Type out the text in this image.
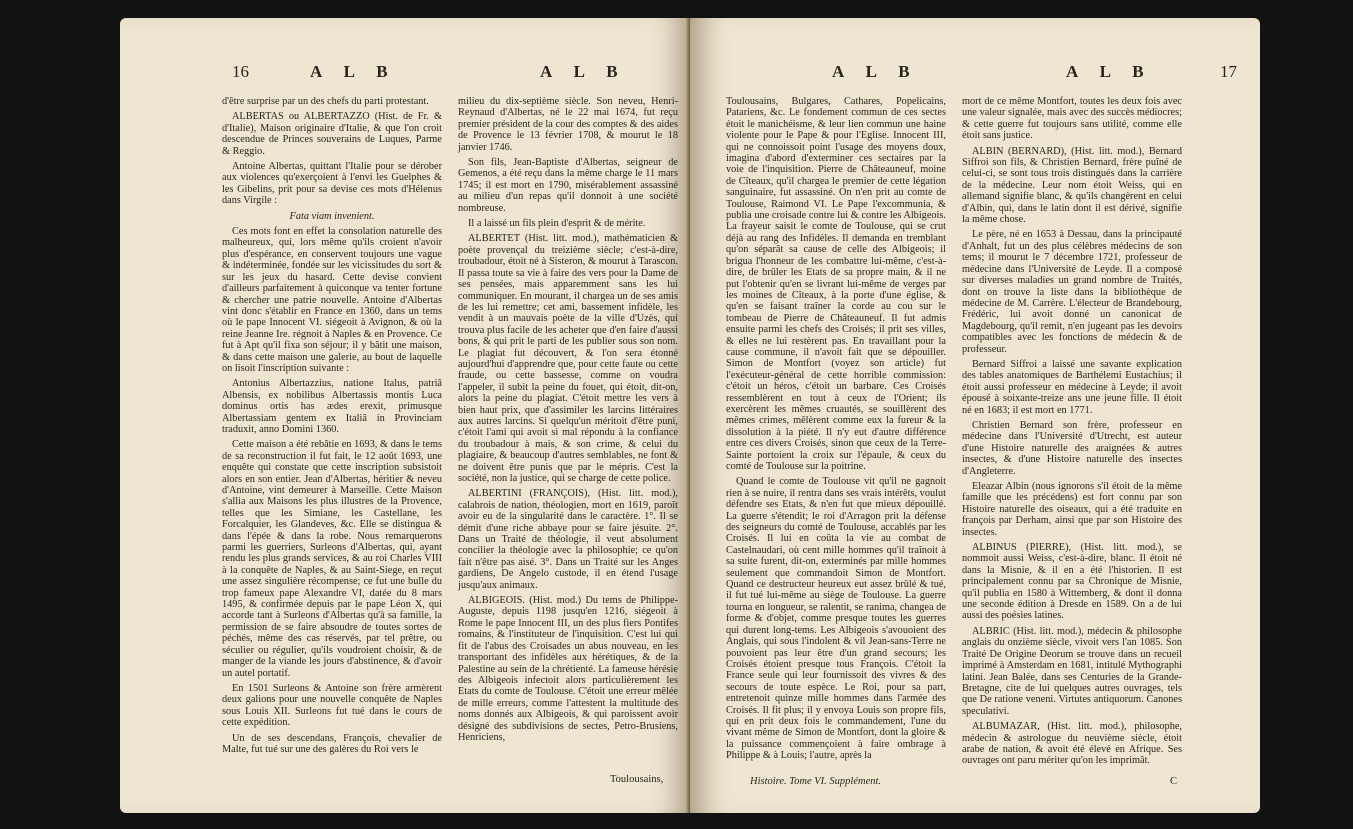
16	A L B	A L B

d'être surprise par un des chefs du parti protestant.

ALBERTAS ou ALBERTAZZO (Hist. de Fr. & d'Italie), Maison originaire d'Italie, & que l'on croit descendue de Princes souverains de Luques, Parme & Reggio.

Antoine Albertas, quittant l'Italie pour se dérober aux violences qu'exerçoient à l'envi les Guelphes & les Gibelins, prit pour sa devise ces mots d'Hélenus dans Virgile :

Fata viam invenient.

Ces mots font en effet la consolation naturelle des malheureux, qui, lors même qu'ils croient n'avoir plus d'espérance, en conservent toujours une vague & indéterminée, fondée sur les vicissitudes du sort & sur les jeux du hasard. Cette devise convient d'ailleurs parfaitement à quiconque va tenter fortune & chercher une patrie nouvelle. Antoine d'Albertas vint donc s'établir en France en 1360, dans un tems où le pape Innocent VI. siégeoit à Avignon, & où la reine Jeanne Ire. régnoit à Naples & en Provence. Ce fut à Apt qu'il fixa son séjour; il y bâtit une maison, & dans cette maison une galerie, au bout de laquelle on lisoit l'inscription suivante :

Antonius Albertazzius, natione Italus, patriâ Albensis, ex nobilibus Albertassis montis Luca dominus ortis has ædes erexit, primusque Albertassiam gentem ex Italiâ in Provinciam traduxit, anno Domini 1360.

Cette maison a été rebâtie en 1693, & dans le tems de sa reconstruction il fut fait, le 12 août 1693, une enquête qui constate que cette inscription subsistoit alors en son entier. Jean d'Albertas, héritier & neveu d'Antoine, vint demeurer à Marseille. Cette Maison s'allia aux Maisons les plus illustres de la Provence, telles que les Simiane, les Castellane, les Forcalquier, les Glandeves, &c. Elle se distingua & dans l'épée & dans la robe. Nous remarquerons parmi les guerriers, Surleons d'Albertas, qui, ayant rendu les plus grands services, & au roi Charles VIII à la conquête de Naples, & au Saint-Siege, en reçut une assez singulière récompense; ce fut une bulle du trop fameux pape Alexandre VI, datée du 8 mars 1495, & confirmée depuis par le pape Léon X, qui accorde tant à Surleons d'Albertas qu'à sa famille, la permission de se faire absoudre de toutes sortes de péchés, même des cas réservés, par tel prêtre, ou séculier ou régulier, qu'ils voudroient choisir, & de manger de la viande les jours d'abstinence, & d'avoir un autel portatif.

En 1501 Surleons & Antoine son frère armèrent deux galions pour une nouvelle conquête de Naples sous Louis XII. Surleons fut tué dans le cours de cette expédition.

Un de ses descendans, François, chevalier de Malte, fut tué sur une des galères du Roi vers le

milieu du dix-septième siècle. Son neveu, Henri-Reynaud d'Albertas, né le 22 mai 1674, fut reçu premier président de la cour des comptes & des aides de Provence le 13 février 1708, & mourut le 18 janvier 1746.

Son fils, Jean-Baptiste d'Albertas, seigneur de Gemenos, a été reçu dans la même charge le 11 mars 1745; il est mort en 1790, misérablement assassiné au milieu d'un repas qu'il donnoit à une société nombreuse.

Il a laissé un fils plein d'esprit & de mérite.

ALBERTET (Hist. litt. mod.), mathématicien & poète provençal du treizième siècle; c'est-à-dire, troubadour, étoit né à Sisteron, & mourut à Tarascon. Il passa toute sa vie à faire des vers pour la Dame de ses pensées, mais apparemment sans les lui communiquer. En mourant, il chargea un de ses amis de les lui remettre; cet ami, bassement infidèle, les vendit à un mauvais poète de la ville d'Uzès, qui trouva plus facile de les acheter que d'en faire d'aussi bons, & qui prit le parti de les publier sous son nom. Le plagiat fut découvert, & l'on sera étonné aujourd'hui d'apprendre que, pour cette faute ou cette fraude, ou cette bassesse, comme on voudra l'appeler, il subit la peine du fouet, qui étoit, dit-on, alors la peine du plagiat. C'étoit mettre les vers à bien haut prix, que d'assimiler les larcins littéraires aux autres larcins. Si quelqu'un méritoit d'être puni, c'étoit l'ami qui avoit si mal répondu à la confiance du troubadour à mais, & son crime, & celui du plagiaire, & beaucoup d'autres semblables, ne font & ne doivent être punis que par le mépris. C'est la société, non la justice, qui se charge de cette police.

ALBERTINI (FRANÇOIS), (Hist. litt. mod.), calabrois de nation, théologien, mort en 1619, paroît avoir eu de la singularité dans le caractère. 1°. Il se démit d'une riche abbaye pour se faire jésuite. 2°. Dans un Traité de théologie, il veut absolument concilier la théologie avec la philosophie; ce qu'on fait n'être pas aisé. 3°. Dans un Traité sur les Anges gardiens, De Angelo custode, il en étend l'usage jusqu'aux animaux.

ALBIGEOIS. (Hist. mod.) Du tems de Philippe-Auguste, depuis 1198 jusqu'en 1216, siégeoit à Rome le pape Innocent III, un des plus fiers Pontifes romains, & l'instituteur de l'inquisition. C'est lui qui fit de l'abus des Croisades un abus nouveau, en les transportant des infidèles aux hérétiques, & de la Palestine au sein de la chrétienté. La fameuse hérésie des Albigeois infectoit alors particulièrement les Etats du comte de Toulouse. C'étoit une erreur mêlée de mille erreurs, comme l'attestent la multitude des noms donnés aux Albigeois, & qui paroissent avoir désigné des subdivisions de sectes, Petro-Brusiens, Henriciens,

Toulousains,
A L B	A L B	17

Toulousains, Bulgares, Cathares, Popelicains, Patariens, &c. Le fondement commun de ces sectes étoit le manichéisme, & leur lien commun une haine violente pour le Pape & pour l'Eglise. Innocent III, qui ne connoissoit point l'usage des moyens doux, imagina d'abord d'exterminer ces sectaires par la voie de l'inquisition. Pierre de Châteauneuf, moine de Cîteaux, qu'il chargea le premier de cette légation sanguinaire, fut assassiné. On n'en prit au comte de Toulouse, Raimond VI. Le Pape l'excommunia, & publia une croisade contre lui & contre les Albigeois. La frayeur saisit le comte de Toulouse, qui se crut déjà au rang des Infidèles. Il demanda en tremblant qu'on séparât sa cause de celle des Albigeois; il brigua l'honneur de les combattre lui-même, c'est-à-dire, de brûler les Etats de sa propre main, & il ne put l'obtenir qu'en se livrant lui-même de verges par les moines de Cîteaux, à la porte d'une église, & qu'en se faisant traîner la corde au cou sur le tombeau de Pierre de Châteauneuf. Il fut admis ensuite parmi les chefs des Croisés; il prit ses villes, & elles ne lui restèrent pas. En travaillant pour la cause commune, il n'avoit fait que se dépouiller. Simon de Montfort (voyez son article) fut l'exécuteur-général de cette horrible commission: c'étoit un héros, c'étoit un barbare. Ces Croisés ressemblèrent en tout à ceux de l'Orient; ils exercèrent les mêmes cruautés, se souillèrent des mêmes crimes, mêlèrent comme eux la fureur & la dissolution à la piété. Il n'y eut d'autre différence entre ces divers Croisés, sinon que ceux de la Terre-Sainte portoient la croix sur l'épaule, & ceux du comté de Toulouse sur la poitrine.

Quand le comte de Toulouse vit qu'il ne gagnoit rien à se nuire, il rentra dans ses vrais intérêts, voulut défendre ses Etats, & n'en fut que mieux dépouillé. La guerre s'étendit; le roi d'Arragon prit la défense des seigneurs du comté de Toulouse, accablés par les Croisés. Il lui en coûta la vie au combat de Castelnaudari, où cent mille hommes qu'il traînoit à sa suite furent, dit-on, exterminés par mille hommes seulement que commandoit Simon de Montfort. Quand ce destructeur heureux eut assez brûlé & tué, il fut tué lui-même au siège de Toulouse. La guerre tourna en longueur, se ralentit, se ranima, changea de forme & d'objet, comme presque toutes les guerres qui durent long-tems. Les Albigeois s'avouoient des Anglais, qui sous l'indolent & vil Jean-sans-Terre ne pouvoient pas leur être d'un grand secours; les Croisés étoient presque tous François. C'étoit la France seule qui leur fournissoit des vivres & des secours de toute espèce. Le Roi, pour sa part, entretenoit quinze mille hommes dans l'armée des Croisés. Il fit plus; il y envoya Louis son propre fils, qui en prit deux fois le commandement, l'une du vivant même de Simon de Montfort, dont la gloire & la puissance commençoient à faire ombrage à Philippe & à Louis; l'autre, après la

mort de ce même Montfort, toutes les deux fois avec une valeur signalée, mais avec des succès médiocres; & cette guerre fut toujours sans utilité, comme elle étoit sans justice.

ALBIN (BERNARD), (Hist. litt. mod.), Bernard Siffroi son fils, & Christien Bernard, frère puîné de celui-ci, se sont tous trois distingués dans la carrière de la médecine. Leur nom étoit Weiss, qui en allemand signifie blanc, & qu'ils changèrent en celui d'Albin, qui, dans le latin dont il est dérivé, signifie la même chose.

Le père, né en 1653 à Dessau, dans la principauté d'Anhalt, fut un des plus célèbres médecins de son tems; il mourut le 7 décembre 1721, professeur de médecine dans l'Université de Leyde. Il a composé sur diverses maladies un grand nombre de Traités, dont on trouve la liste dans la bibliothèque de médecine de M. Carrère. L'électeur de Brandebourg, Frédéric, lui avoit donné un canonicat de Magdebourg, qu'il remit, n'en jugeant pas les devoirs compatibles avec les fonctions de médecin & de professeur.

Bernard Siffroi a laissé une savante explication des tables anatomiques de Barthélemi Eustachius; il étoit aussi professeur en médecine à Leyde; il avoit épousé à soixante-treize ans une jeune fille. Il étoit né en 1683; il est mort en 1771.

Christien Bernard son frère, professeur en médecine dans l'Université d'Utrecht, est auteur d'une Histoire naturelle des araignées & autres insectes, & d'une Histoire naturelle des insectes d'Angleterre.

Eleazar Albin (nous ignorons s'il étoit de la même famille que les précédens) est fort connu par son Histoire naturelle des oiseaux, qui a été traduite en françois par Derham, ainsi que par son Histoire des insectes.

ALBINUS (PIERRE), (Hist. litt. mod.), se nommoit aussi Weiss, c'est-à-dire, blanc. Il étoit né dans la Misnie, & il en a été l'historien. Il est principalement connu par sa Chronique de Misnie, qu'il publia en 1580 à Wittemberg, & dont il donna une seconde édition à Dresde en 1589. On a de lui aussi des poésies latines.

ALBRIC (Hist. litt. mod.), médecin & philosophe anglais du onzième siècle, vivoit vers l'an 1085. Son Traité De Origine Deorum se trouve dans un recueil imprimé à Amsterdam en 1681, intitulé Mythographi latini. Jean Balée, dans ses Centuries de la Grande-Bretagne, cite de lui quelques autres ouvrages, tels que De ratione veneni. Virtutes antiquorum. Canones speculativi.

ALBUMAZAR, (Hist. litt. mod.), philosophe, médecin & astrologue du neuvième siècle, étoit arabe de nation, & avoit été élevé en Afrique. Ses ouvrages ont paru mériter qu'on les imprimât.

Histoire. Tome VI. Supplément.	C
